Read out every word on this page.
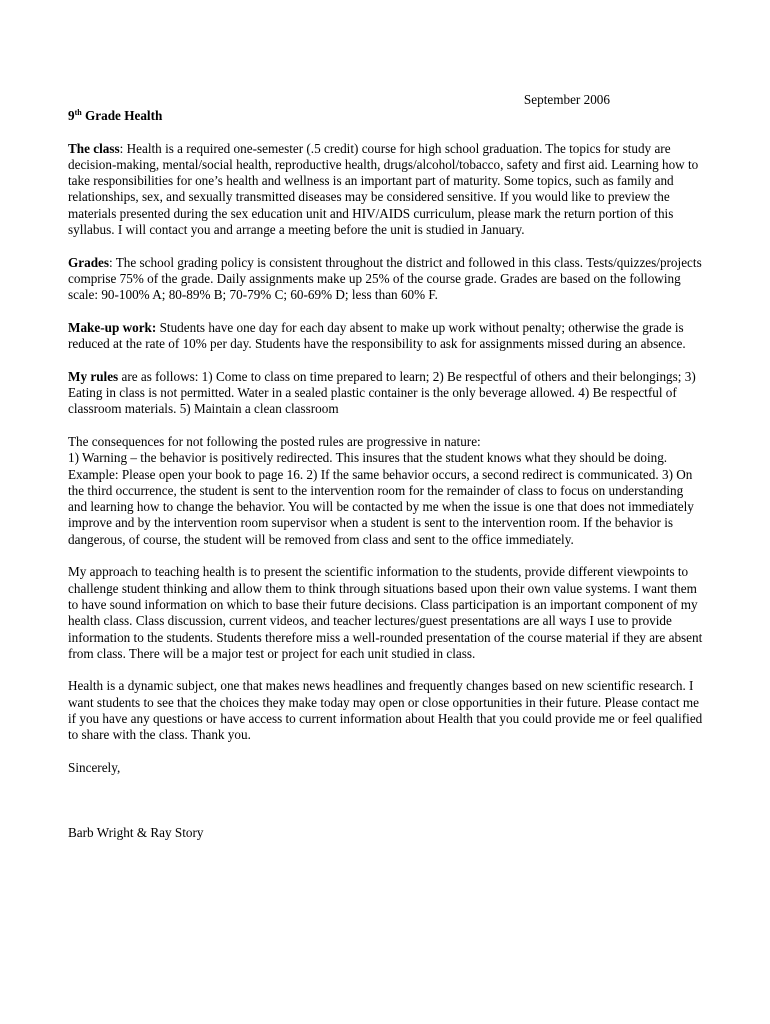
September 2006

9th Grade Health

The class: Health is a required one-semester (.5 credit) course for high school graduation. The topics for study are decision-making, mental/social health, reproductive health, drugs/alcohol/tobacco, safety and first aid. Learning how to take responsibilities for one’s health and wellness is an important part of maturity. Some topics, such as family and relationships, sex, and sexually transmitted diseases may be considered sensitive. If you would like to preview the materials presented during the sex education unit and HIV/AIDS curriculum, please mark the return portion of this syllabus. I will contact you and arrange a meeting before the unit is studied in January.

Grades: The school grading policy is consistent throughout the district and followed in this class. Tests/quizzes/projects comprise 75% of the grade. Daily assignments make up 25% of the course grade. Grades are based on the following scale: 90-100% A; 80-89% B; 70-79% C; 60-69% D; less than 60% F.

Make-up work: Students have one day for each day absent to make up work without penalty; otherwise the grade is reduced at the rate of 10% per day. Students have the responsibility to ask for assignments missed during an absence.

My rules are as follows: 1) Come to class on time prepared to learn; 2) Be respectful of others and their belongings; 3) Eating in class is not permitted. Water in a sealed plastic container is the only beverage allowed. 4) Be respectful of classroom materials. 5) Maintain a clean classroom

The consequences for not following the posted rules are progressive in nature:
1) Warning – the behavior is positively redirected. This insures that the student knows what they should be doing. Example: Please open your book to page 16. 2) If the same behavior occurs, a second redirect is communicated. 3) On the third occurrence, the student is sent to the intervention room for the remainder of class to focus on understanding and learning how to change the behavior. You will be contacted by me when the issue is one that does not immediately improve and by the intervention room supervisor when a student is sent to the intervention room. If the behavior is dangerous, of course, the student will be removed from class and sent to the office immediately.

My approach to teaching health is to present the scientific information to the students, provide different viewpoints to challenge student thinking and allow them to think through situations based upon their own value systems. I want them to have sound information on which to base their future decisions. Class participation is an important component of my health class. Class discussion, current videos, and teacher lectures/guest presentations are all ways I use to provide information to the students. Students therefore miss a well-rounded presentation of the course material if they are absent from class. There will be a major test or project for each unit studied in class.

Health is a dynamic subject, one that makes news headlines and frequently changes based on new scientific research. I want students to see that the choices they make today may open or close opportunities in their future. Please contact me if you have any questions or have access to current information about Health that you could provide me or feel qualified to share with the class. Thank you.

Sincerely,

Barb Wright & Ray Story
